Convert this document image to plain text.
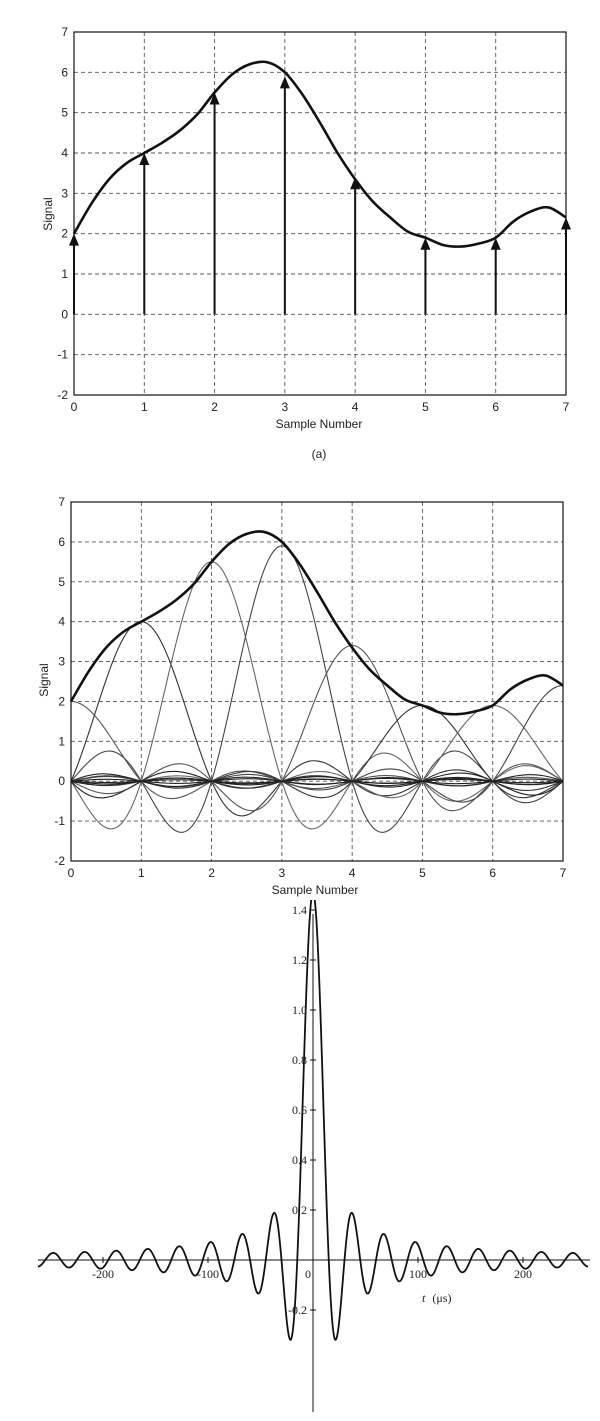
0	1	2	3	4	5	6	7
-2
-1
0
1
2
3
4
5
6
7
Sample Number
Signal
(a)
0	1	2	3	4	5	6	7
-2
-1
0
1
2
3
4
5
6
7
Sample Number
Signal
-200	-100	0	100	200
-0.2
0.2
0.4
0.6
0.8
1.0
1.2
1.4
t (μs)
